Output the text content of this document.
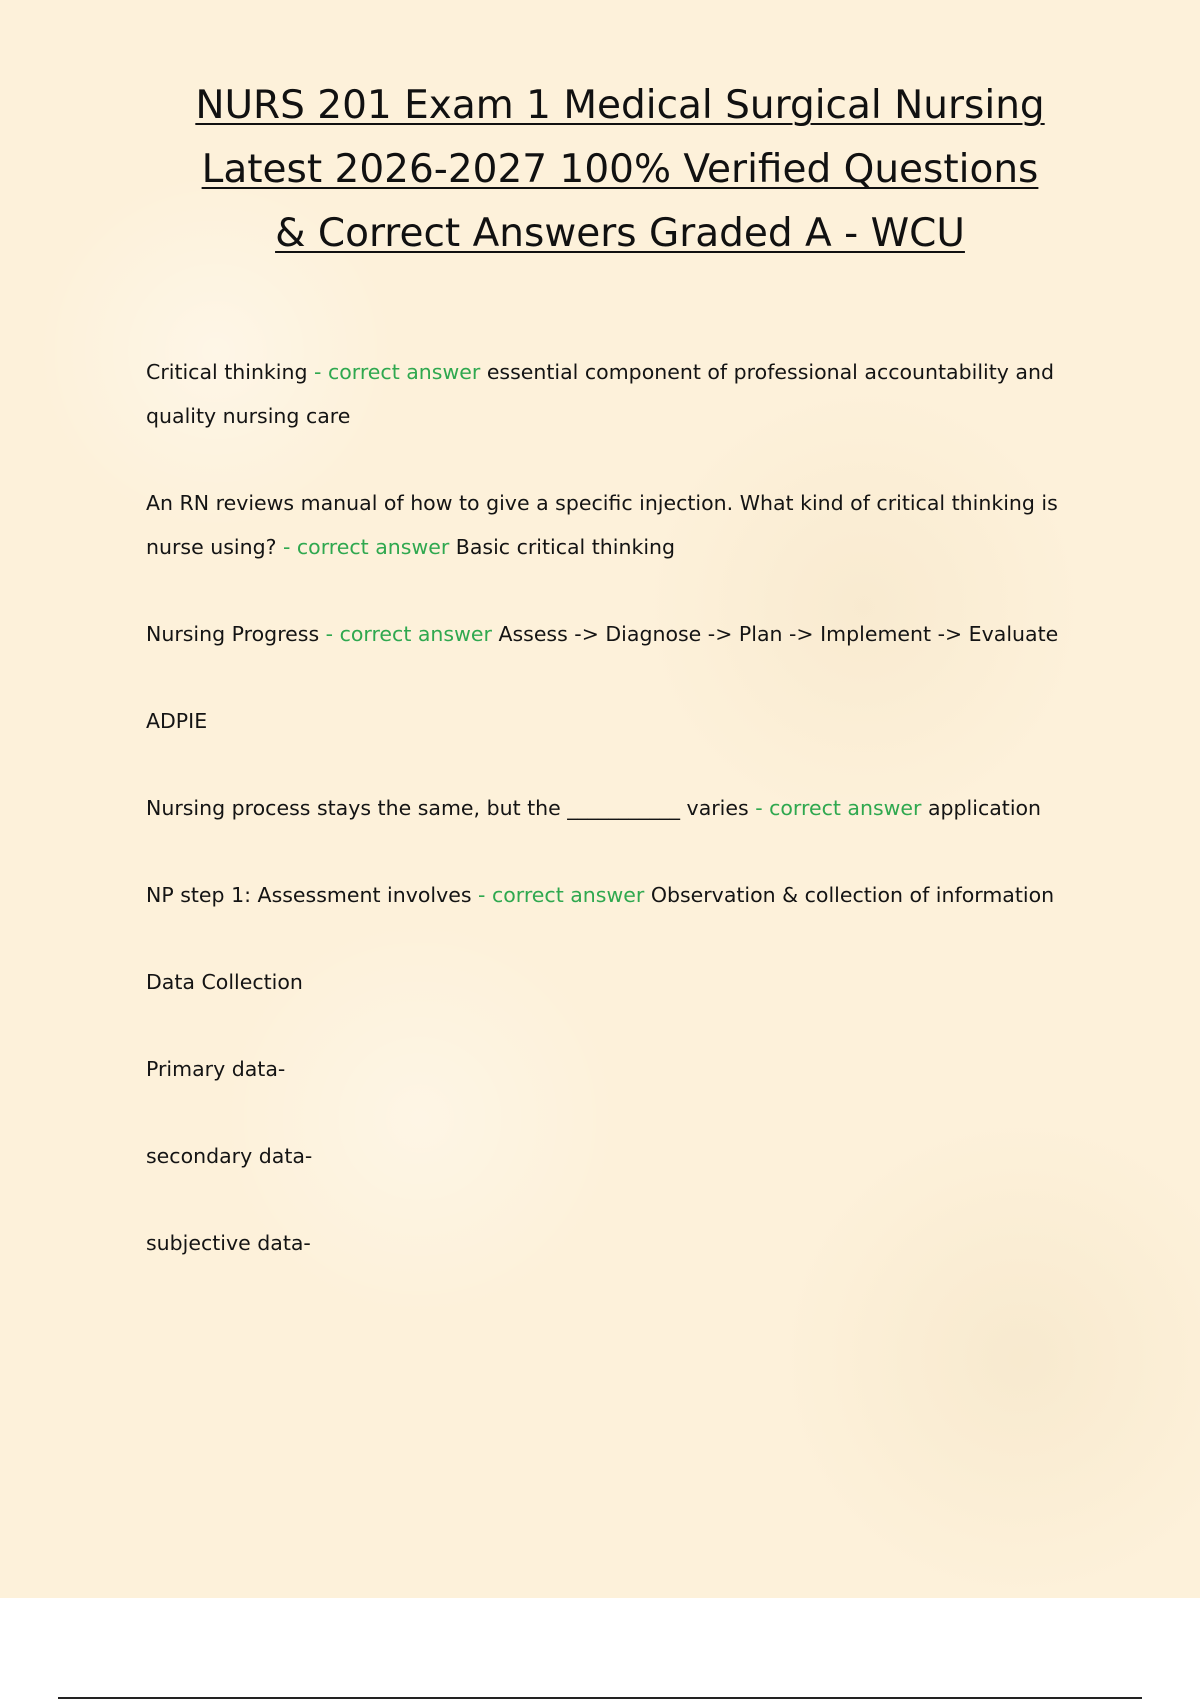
NURS 201 Exam 1 Medical Surgical Nursing
Latest 2026-2027 100% Verified Questions
& Correct Answers Graded A - WCU

Critical thinking - correct answer essential component of professional accountability and quality nursing care

An RN reviews manual of how to give a specific injection. What kind of critical thinking is nurse using? - correct answer Basic critical thinking

Nursing Progress - correct answer Assess -> Diagnose -> Plan -> Implement -> Evaluate

ADPIE

Nursing process stays the same, but the ___________ varies - correct answer application

NP step 1: Assessment involves - correct answer Observation & collection of information

Data Collection

Primary data-

secondary data-

subjective data-
